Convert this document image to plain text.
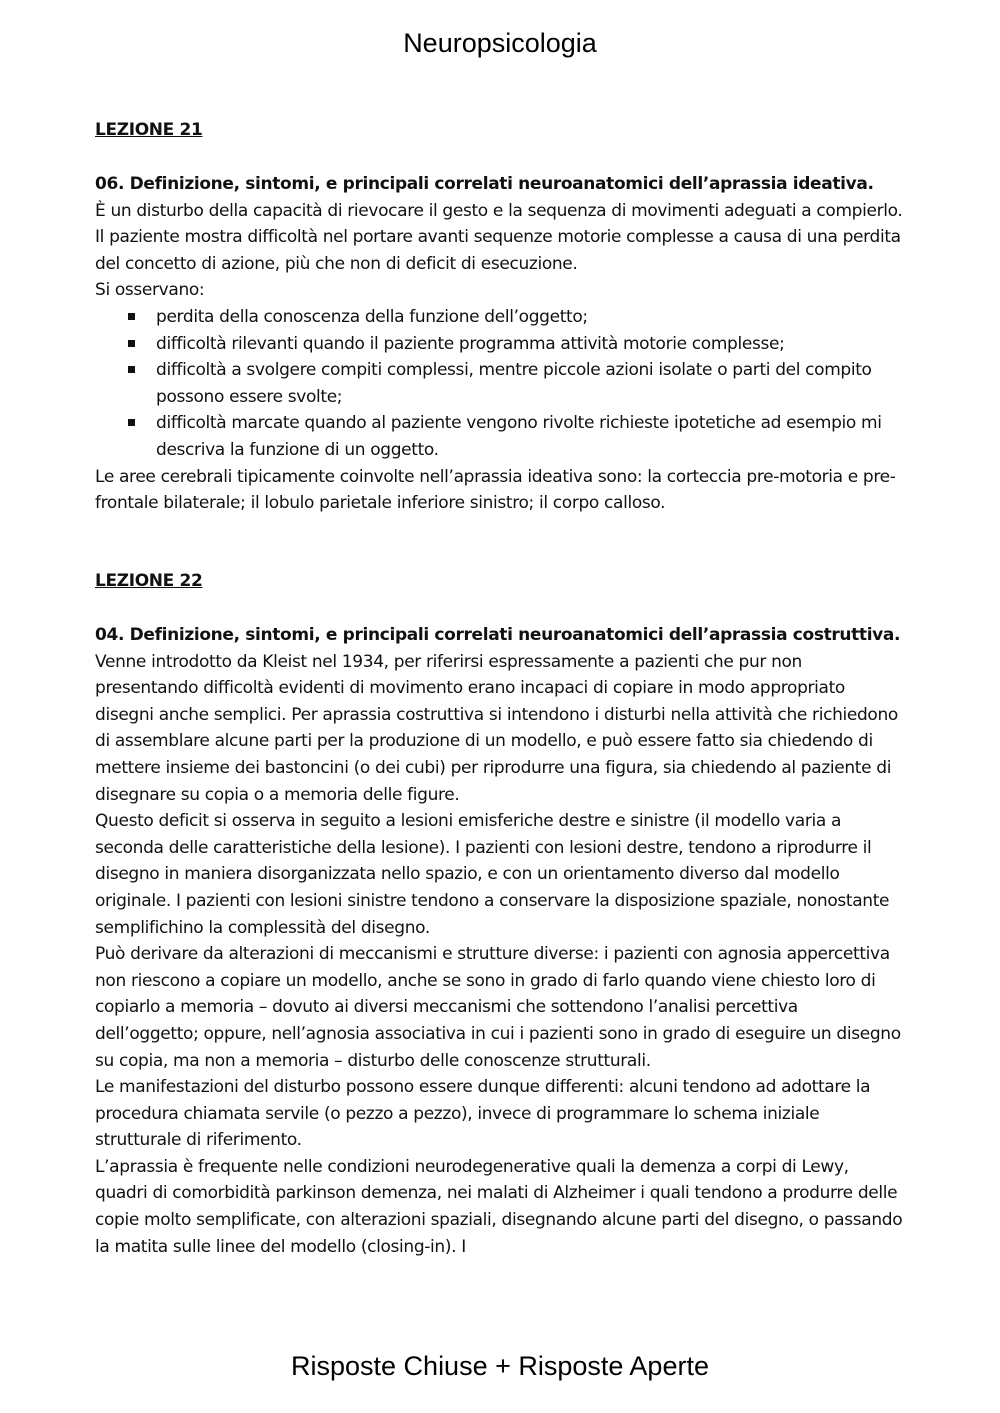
Neuropsicologia

LEZIONE 21

06. Definizione, sintomi, e principali correlati neuroanatomici dell’aprassia ideativa.

È un disturbo della capacità di rievocare il gesto e la sequenza di movimenti adeguati a compierlo. Il paziente mostra difficoltà nel portare avanti sequenze motorie complesse a causa di una perdita del concetto di azione, più che non di deficit di esecuzione.

Si osservano:

perdita della conoscenza della funzione dell’oggetto;
difficoltà rilevanti quando il paziente programma attività motorie complesse;
difficoltà a svolgere compiti complessi, mentre piccole azioni isolate o parti del compito possono essere svolte;
difficoltà marcate quando al paziente vengono rivolte richieste ipotetiche ad esempio mi descriva la funzione di un oggetto.

Le aree cerebrali tipicamente coinvolte nell’aprassia ideativa sono: la corteccia pre-motoria e pre-frontale bilaterale; il lobulo parietale inferiore sinistro; il corpo calloso.

LEZIONE 22

04. Definizione, sintomi, e principali correlati neuroanatomici dell’aprassia costruttiva.

Venne introdotto da Kleist nel 1934, per riferirsi espressamente a pazienti che pur non presentando difficoltà evidenti di movimento erano incapaci di copiare in modo appropriato disegni anche semplici. Per aprassia costruttiva si intendono i disturbi nella attività che richiedono di assemblare alcune parti per la produzione di un modello, e può essere fatto sia chiedendo di mettere insieme dei bastoncini (o dei cubi) per riprodurre una figura, sia chiedendo al paziente di disegnare su copia o a memoria delle figure.

Questo deficit si osserva in seguito a lesioni emisferiche destre e sinistre (il modello varia a seconda delle caratteristiche della lesione). I pazienti con lesioni destre, tendono a riprodurre il disegno in maniera disorganizzata nello spazio, e con un orientamento diverso dal modello originale. I pazienti con lesioni sinistre tendono a conservare la disposizione spaziale, nonostante semplifichino la complessità del disegno.

Può derivare da alterazioni di meccanismi e strutture diverse: i pazienti con agnosia appercettiva non riescono a copiare un modello, anche se sono in grado di farlo quando viene chiesto loro di copiarlo a memoria – dovuto ai diversi meccanismi che sottendono l’analisi percettiva dell’oggetto; oppure, nell’agnosia associativa in cui i pazienti sono in grado di eseguire un disegno su copia, ma non a memoria – disturbo delle conoscenze strutturali.

Le manifestazioni del disturbo possono essere dunque differenti: alcuni tendono ad adottare la procedura chiamata servile (o pezzo a pezzo), invece di programmare lo schema iniziale strutturale di riferimento.

L’aprassia è frequente nelle condizioni neurodegenerative quali la demenza a corpi di Lewy, quadri di comorbidità parkinson demenza, nei malati di Alzheimer i quali tendono a produrre delle copie molto semplificate, con alterazioni spaziali, disegnando alcune parti del disegno, o passando la matita sulle linee del modello (closing-in). I

Risposte Chiuse + Risposte Aperte
